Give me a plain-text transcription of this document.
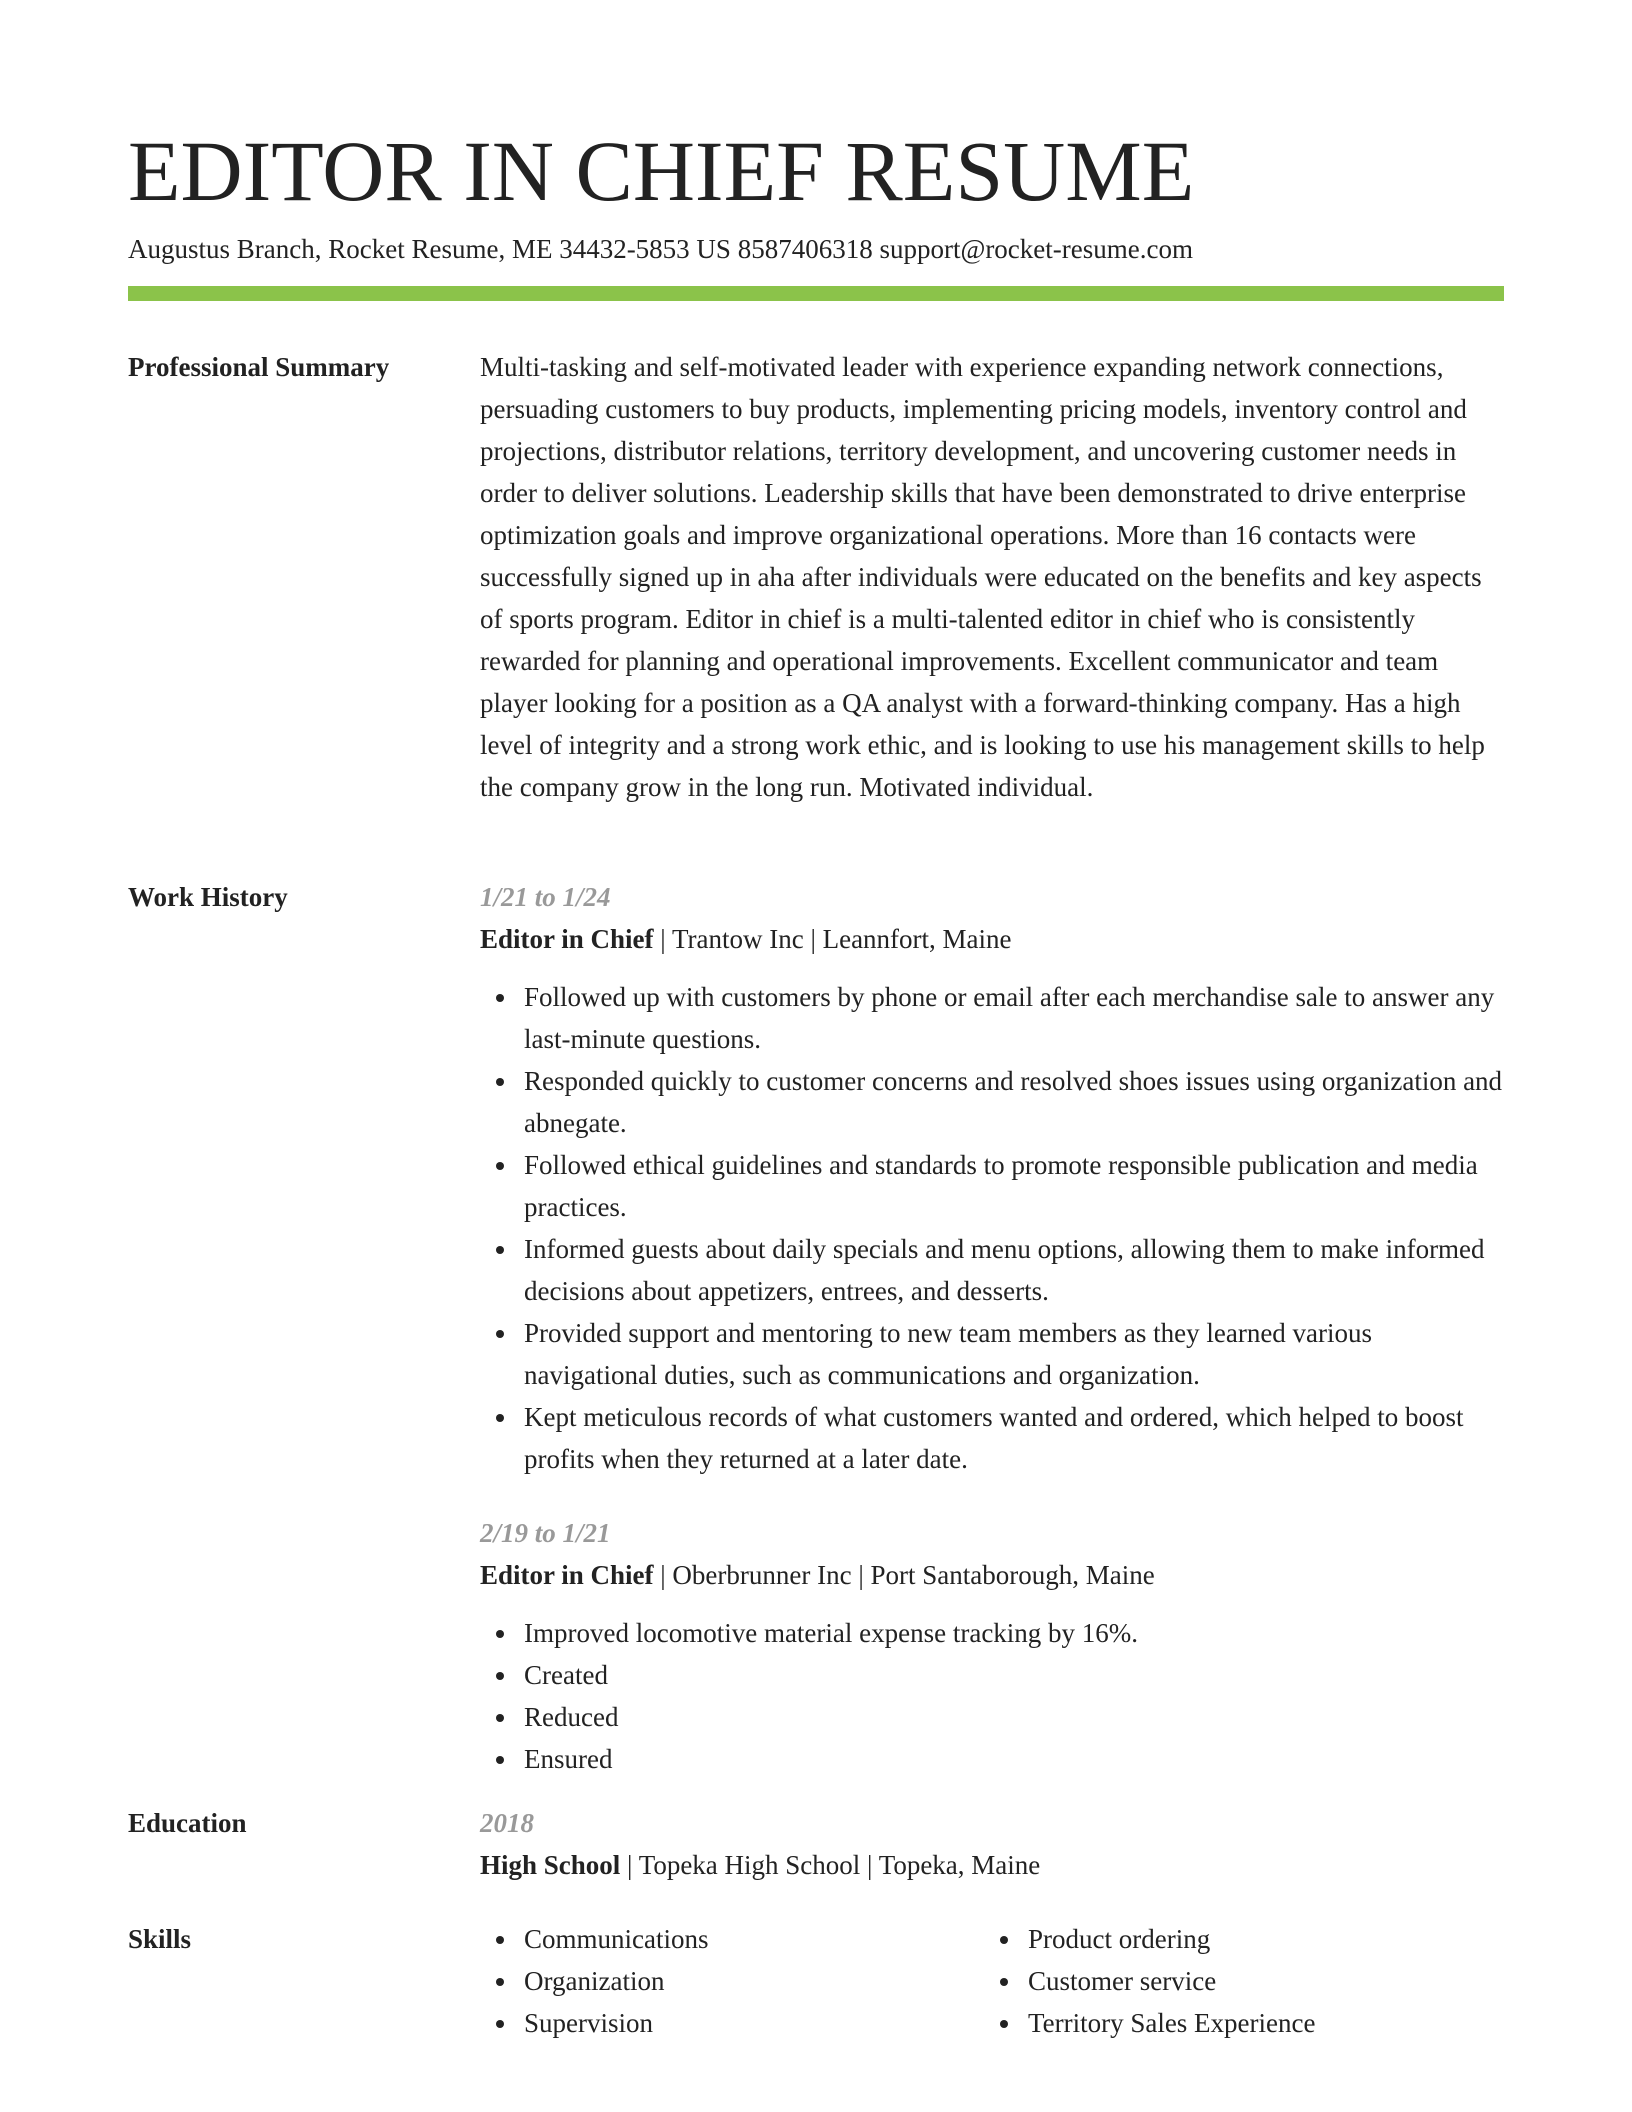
EDITOR IN CHIEF RESUME
Augustus Branch, Rocket Resume, ME 34432-5853 US 8587406318 support@rocket-resume.com
Professional Summary	Multi-tasking and self-motivated leader with experience expanding network connections, persuading customers to buy products, implementing pricing models, inventory control and projections, distributor relations, territory development, and uncovering customer needs in order to deliver solutions. Leadership skills that have been demonstrated to drive enterprise optimization goals and improve organizational operations. More than 16 contacts were successfully signed up in aha after individuals were educated on the benefits and key aspects of sports program. Editor in chief is a multi-talented editor in chief who is consistently rewarded for planning and operational improvements. Excellent communicator and team player looking for a position as a QA analyst with a forward-thinking company. Has a high level of integrity and a strong work ethic, and is looking to use his management skills to help the company grow in the long run. Motivated individual.

Work History	1/21 to 1/24
Editor in Chief | Trantow Inc | Leannfort, Maine
Followed up with customers by phone or email after each merchandise sale to answer any last-minute questions.
Responded quickly to customer concerns and resolved shoes issues using organization and abnegate.
Followed ethical guidelines and standards to promote responsible publication and media practices.
Informed guests about daily specials and menu options, allowing them to make informed decisions about appetizers, entrees, and desserts.
Provided support and mentoring to new team members as they learned various navigational duties, such as communications and organization.
Kept meticulous records of what customers wanted and ordered, which helped to boost profits when they returned at a later date.
2/19 to 1/21
Editor in Chief | Oberbrunner Inc | Port Santaborough, Maine
Improved locomotive material expense tracking by 16%.
Created
Reduced
Ensured
Education	2018
High School | Topeka High School | Topeka, Maine
Skills	Communications
Organization
Supervision
Product ordering
Customer service
Territory Sales Experience
